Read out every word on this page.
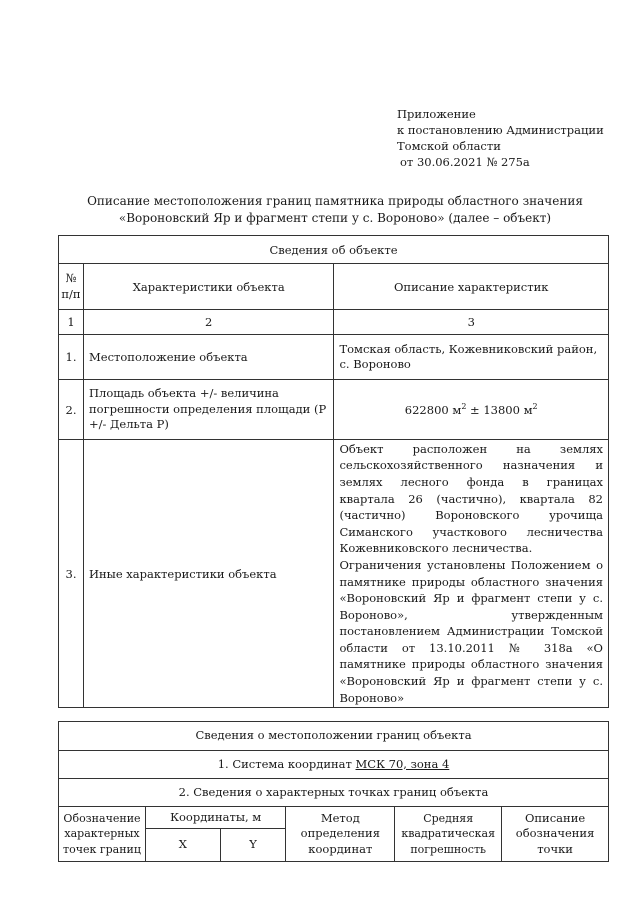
Приложение
к постановлению Администрации
Томской области
от 30.06.2021 № 275а
Описание местоположения границ памятника природы областного значения
«Вороновский Яр и фрагмент степи у с. Вороново» (далее – объект)
Сведения об объекте		

№
п/п	Характеристики объекта	Описание характеристик
1	2	3
1.	Местоположение объекта	Томская область, Кожевниковский район, с. Вороново
2.	Площадь объекта +/- величина погрешности определения площади (Р +/- Дельта Р)	622800 $м^2 \pm 13800$ $м^2$
3.	Иные характеристики объекта	Объект расположен на землях сельскохозяйственного назначения и землях лесного фонда в границах квартала 26 (частично), квартала 82 (частично) Вороновского урочища Симанского участкового лесничества Кожевниковского лесничества.
Ограничения установлены Положением о памятнике природы областного значения «Вороновский Яр и фрагмент степи у с. Вороново», утвержденным постановлением Администрации Томской области от 13.10.2011 № 318а «О памятнике природы областного значения «Вороновский Яр и фрагмент степи у с. Вороново»
Сведения о местоположении границ объекта					
1. Система координат МСК 70, зона 4					
2. Сведения о характерных точках границ объекта					
Обозначение характерных точек границ	Координаты, м		Метод определения координат	Средняя квадратическая погрешность	Описание обозначения точки
	X	Y			
